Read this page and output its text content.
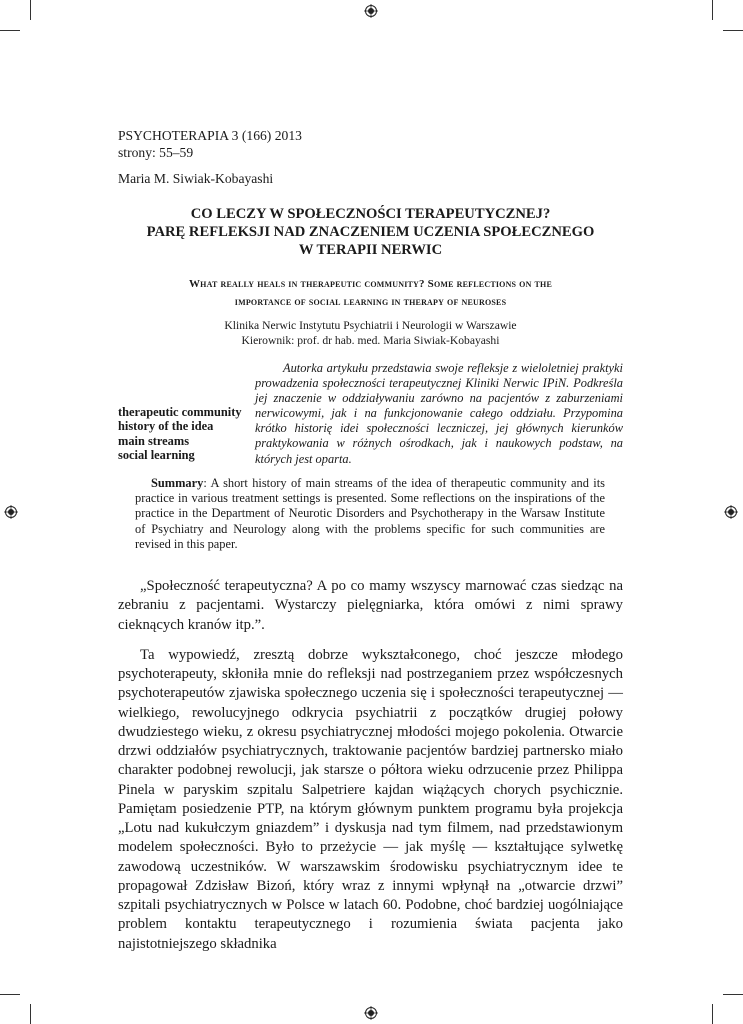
PSYCHOTERAPIA 3 (166) 2013
strony: 55–59
Maria M. Siwiak-Kobayashi
CO LECZY W SPOŁECZNOŚCI TERAPEUTYCZNEJ?
PARĘ REFLEKSJI NAD ZNACZENIEM UCZENIA SPOŁECZNEGO
W TERAPII NERWIC
What really heals in therapeutic community? Some reflections on the
importance of social learning in therapy of neuroses
Klinika Nerwic Instytutu Psychiatrii i Neurologii w Warszawie
Kierownik: prof. dr hab. med. Maria Siwiak-Kobayashi
therapeutic community
history of the idea
main streams
social learning
Autorka artykułu przedstawia swoje refleksje z wieloletniej praktyki prowadzenia społeczności terapeutycznej Kliniki Nerwic IPiN. Podkreśla jej znaczenie w oddziaływaniu zarówno na pacjentów z zaburzeniami nerwicowymi, jak i na funkcjonowanie całego oddziału. Przypomina krótko historię idei społeczności leczniczej, jej głównych kierunków praktykowania w różnych ośrodkach, jak i naukowych podstaw, na których jest oparta.
Summary: A short history of main streams of the idea of therapeutic community and its practice in various treatment settings is presented. Some reflections on the inspirations of the practice in the Department of Neurotic Disorders and Psychotherapy in the Warsaw Institute of Psychiatry and Neurology along with the problems specific for such communities are revised in this paper.

„Społeczność terapeutyczna? A po co mamy wszyscy marnować czas siedząc na zebraniu z pacjentami. Wystarczy pielęgniarka, która omówi z nimi sprawy cieknących kranów itp.”.

Ta wypowiedź, zresztą dobrze wykształconego, choć jeszcze młodego psychoterapeuty, skłoniła mnie do refleksji nad postrzeganiem przez współczesnych psychoterapeutów zjawiska społecznego uczenia się i społeczności terapeutycznej — wielkiego, rewolucyjnego odkrycia psychiatrii z początków drugiej połowy dwudziestego wieku, z okresu psychiatrycznej młodości mojego pokolenia. Otwarcie drzwi oddziałów psychiatrycznych, traktowanie pacjentów bardziej partnersko miało charakter podobnej rewolucji, jak starsze o półtora wieku odrzucenie przez Philippa Pinela w paryskim szpitalu Salpetriere kajdan wiążących chorych psychicznie. Pamiętam posiedzenie PTP, na którym głównym punktem programu była projekcja „Lotu nad kukułczym gniazdem” i dyskusja nad tym filmem, nad przedstawionym modelem społeczności. Było to przeżycie — jak myślę — kształtujące sylwetkę zawodową uczestników. W warszawskim środowisku psychiatrycznym idee te propagował Zdzisław Bizoń, który wraz z innymi wpłynął na „otwarcie drzwi” szpitali psychiatrycznych w Polsce w latach 60. Podobne, choć bardziej uogólniające problem kontaktu terapeutycznego i rozumienia świata pacjenta jako najistotniejszego składnika
